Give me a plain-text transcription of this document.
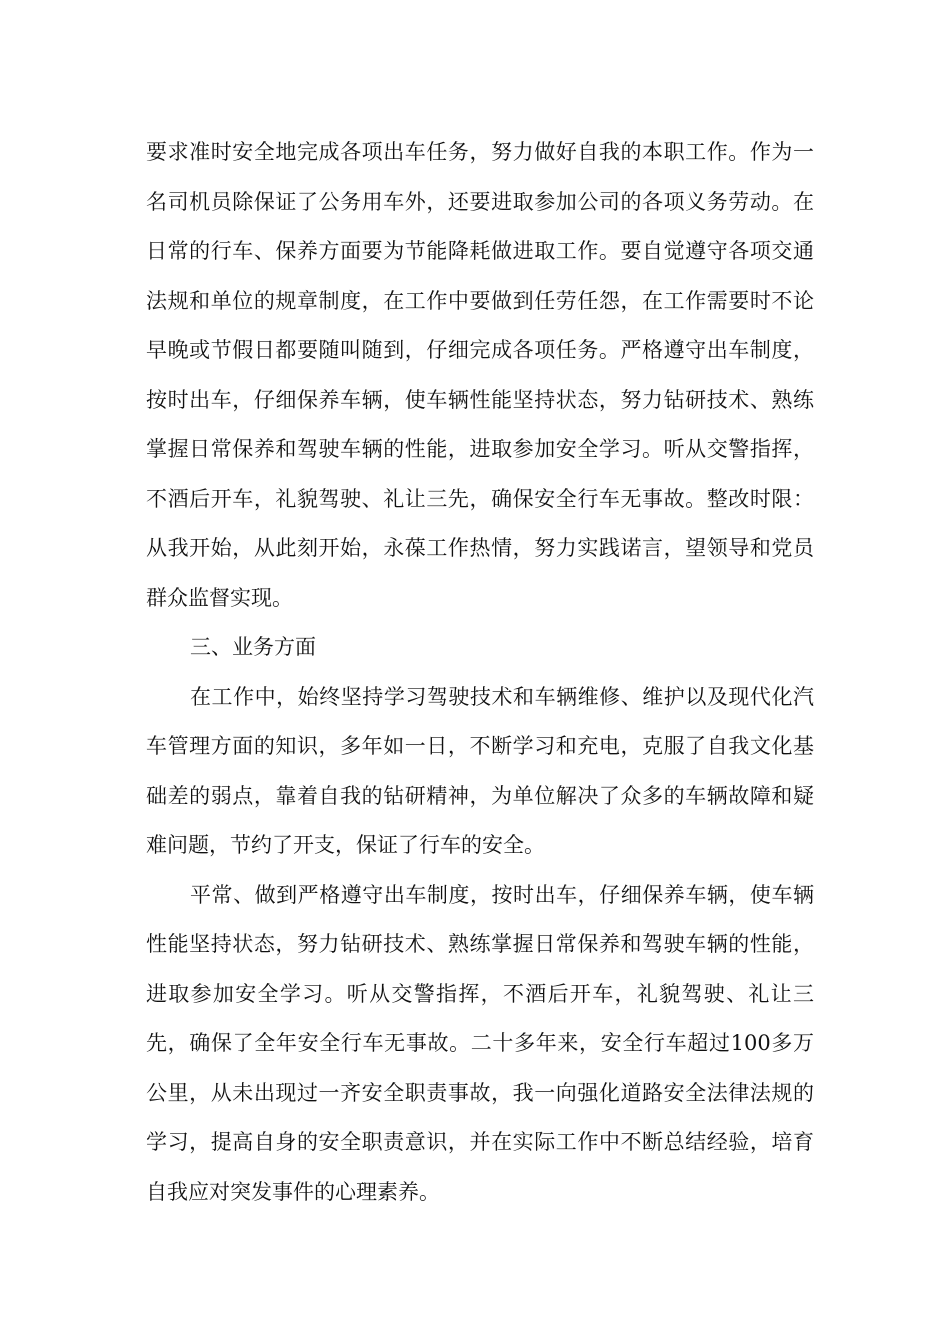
要求准时安全地完成各项出车任务，努力做好自我的本职工作。作为一名司机员除保证了公务用车外，还要进取参加公司的各项义务劳动。在日常的行车、保养方面要为节能降耗做进取工作。要自觉遵守各项交通法规和单位的规章制度，在工作中要做到任劳任怨，在工作需要时不论早晚或节假日都要随叫随到，仔细完成各项任务。严格遵守出车制度，按时出车，仔细保养车辆，使车辆性能坚持状态，努力钻研技术、熟练掌握日常保养和驾驶车辆的性能，进取参加安全学习。听从交警指挥，不酒后开车，礼貌驾驶、礼让三先，确保安全行车无事故。整改时限：从我开始，从此刻开始，永葆工作热情，努力实践诺言，望领导和党员群众监督实现。

三、业务方面

在工作中，始终坚持学习驾驶技术和车辆维修、维护以及现代化汽车管理方面的知识，多年如一日，不断学习和充电，克服了自我文化基础差的弱点，靠着自我的钻研精神，为单位解决了众多的车辆故障和疑难问题，节约了开支，保证了行车的安全。

平常、做到严格遵守出车制度，按时出车，仔细保养车辆，使车辆性能坚持状态，努力钻研技术、熟练掌握日常保养和驾驶车辆的性能，进取参加安全学习。听从交警指挥，不酒后开车，礼貌驾驶、礼让三先，确保了全年安全行车无事故。二十多年来，安全行车超过100多万公里，从未出现过一齐安全职责事故，我一向强化道路安全法律法规的学习，提高自身的安全职责意识，并在实际工作中不断总结经验，培育自我应对突发事件的心理素养。
